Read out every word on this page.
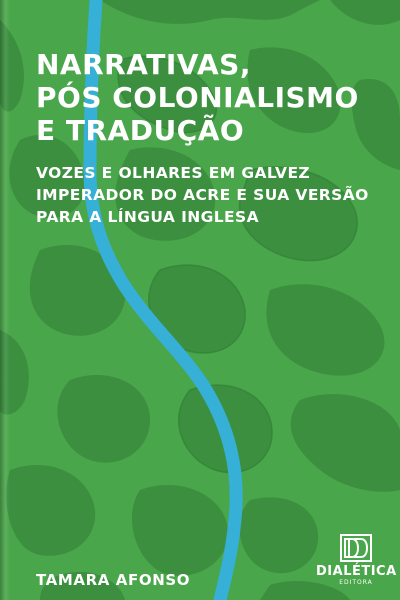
NARRATIVAS,
PÓS COLONIALISMO
E TRADUÇÃO
VOZES E OLHARES EM GALVEZ
IMPERADOR DO ACRE E SUA VERSÃO
PARA A LÍNGUA INGLESA
TAMARA AFONSO	DIALÉTICA
EDITORA
